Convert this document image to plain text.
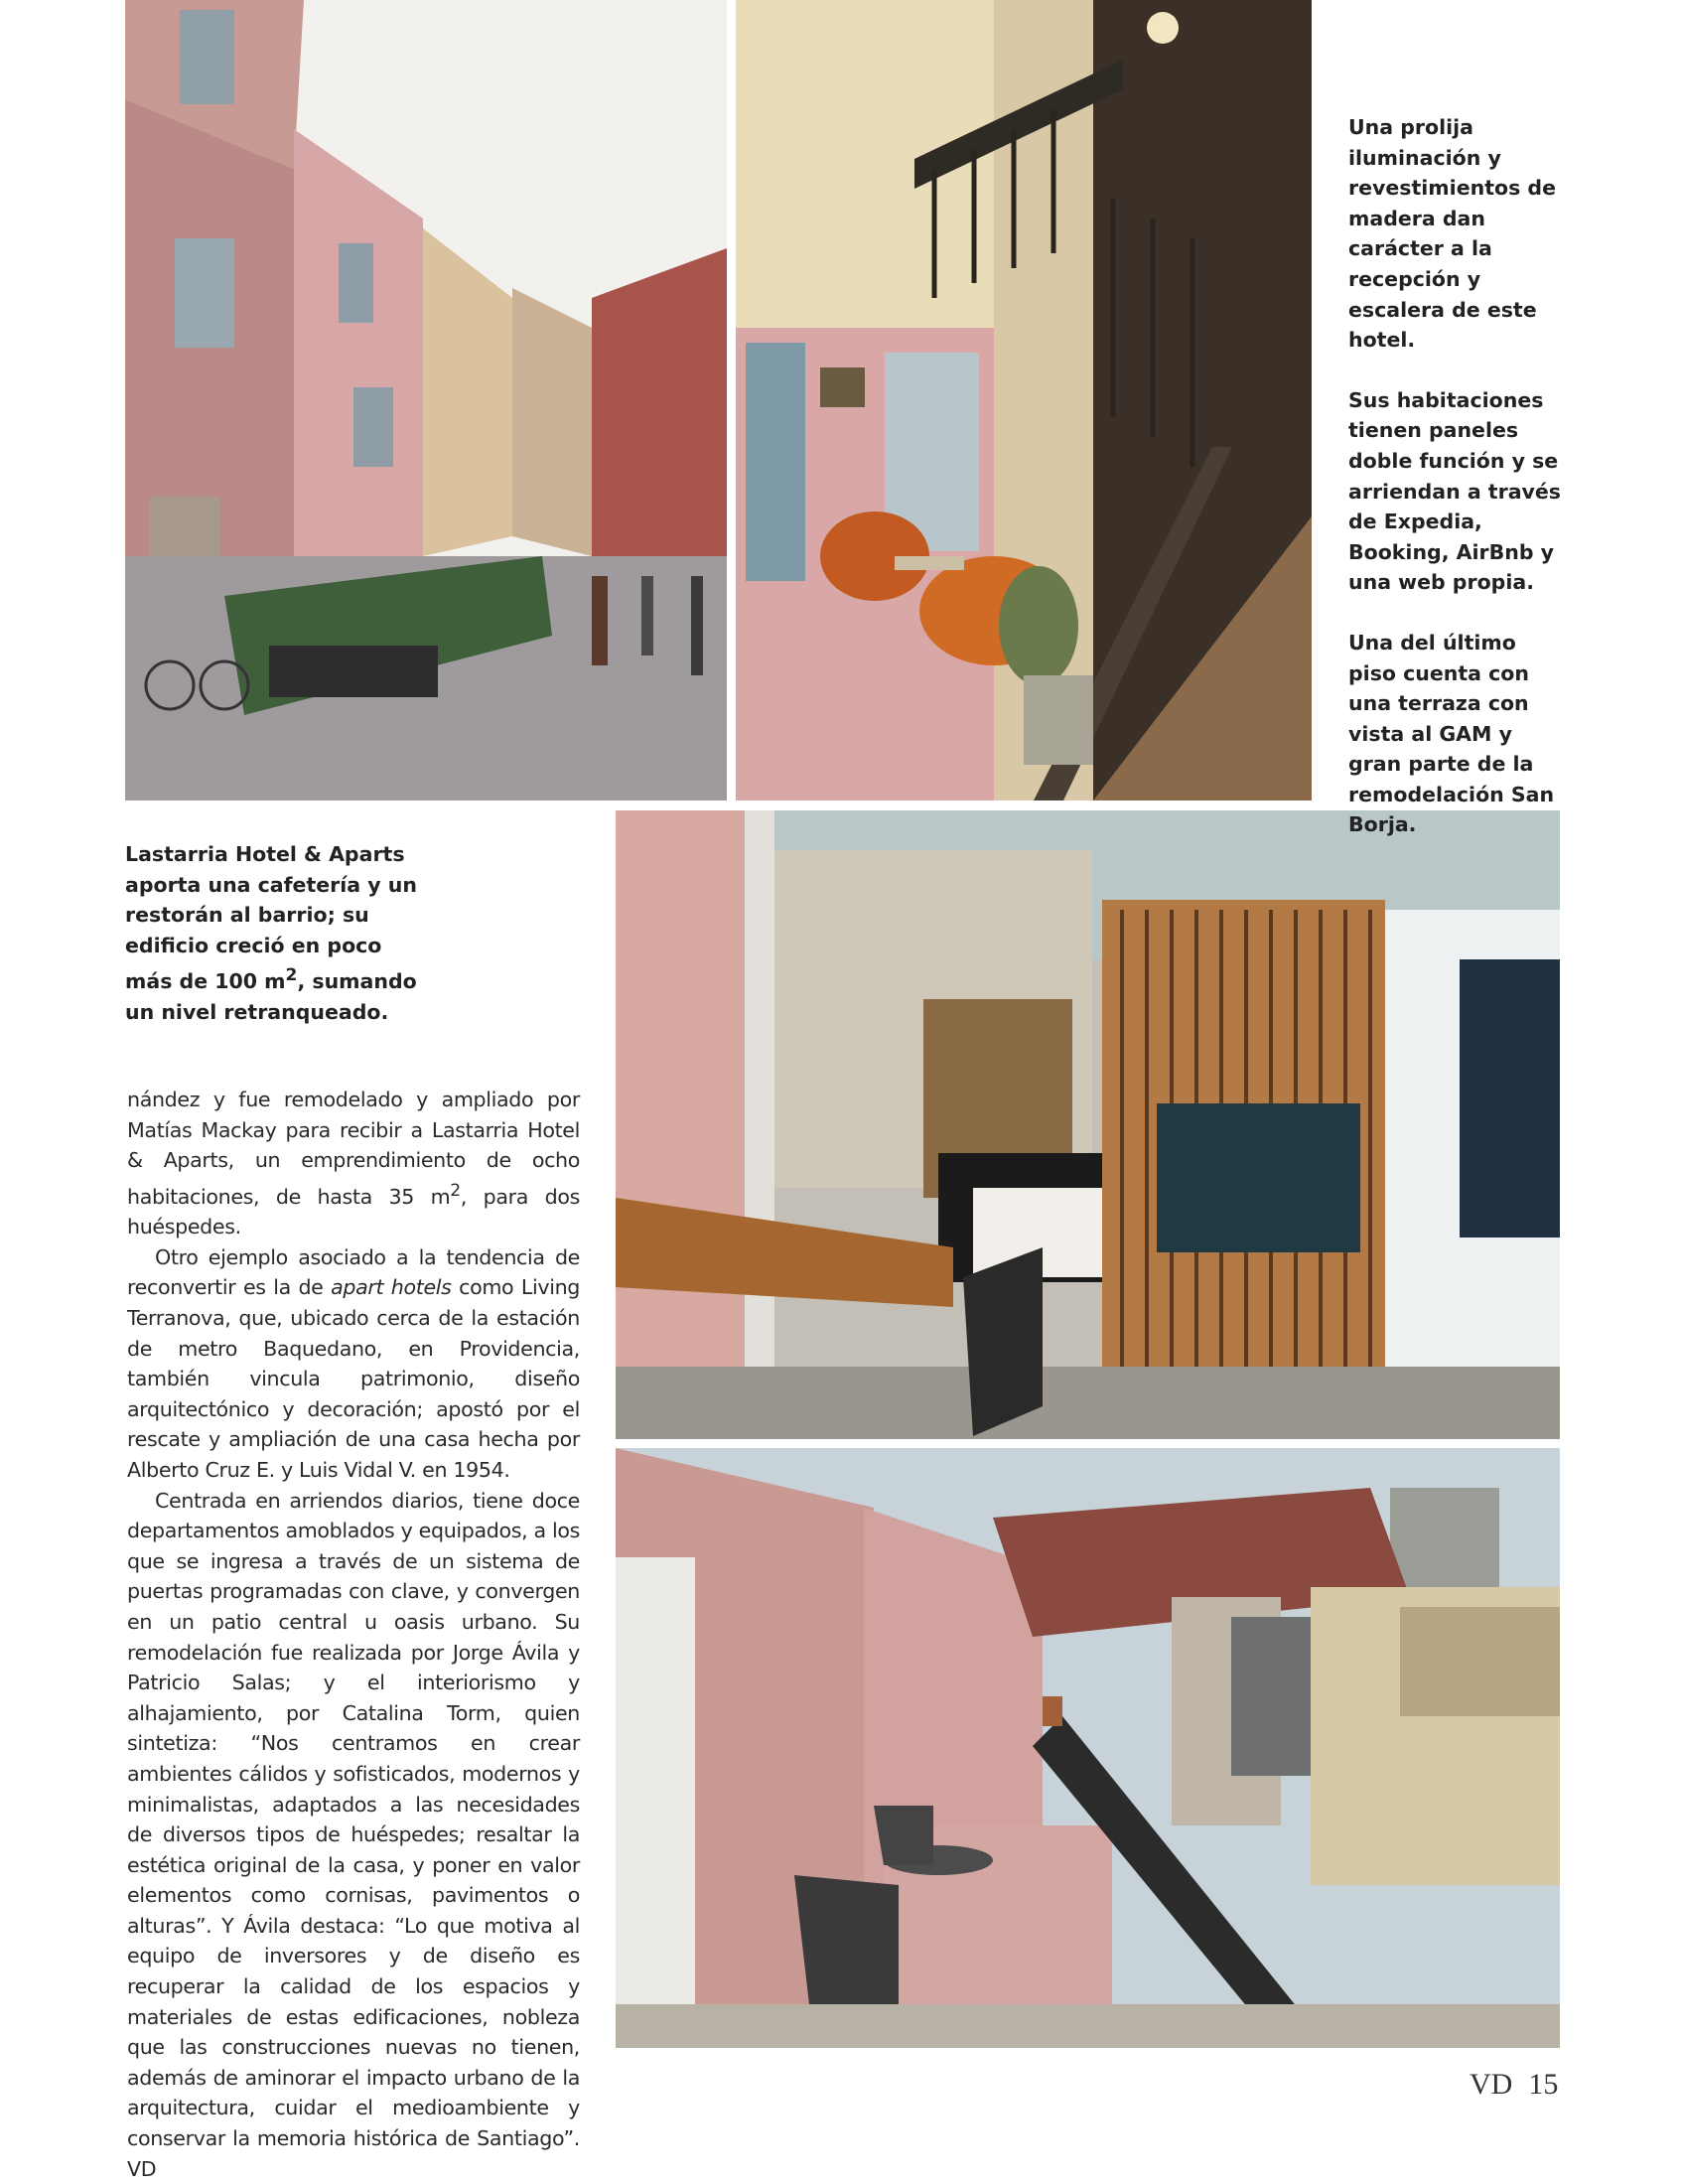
Una prolija iluminación y revestimientos de madera dan carácter a la recepción y escalera de este hotel.

Sus habitaciones tienen paneles doble función y se arriendan a través de Expedia, Booking, AirBnb y una web propia.

Una del último piso cuenta con una terraza con vista al GAM y gran parte de la remodelación San Borja.

Lastarria Hotel & Aparts aporta una cafetería y un restorán al barrio; su edificio creció en poco más de 100 $m^2$, sumando un nivel retranqueado.

nández y fue remodelado y ampliado por Matías Mackay para recibir a Lastarria Hotel & Aparts, un emprendimiento de ocho habitaciones, de hasta 35 $m^2$, para dos huéspedes.

Otro ejemplo asociado a la tendencia de reconvertir es la de apart hotels como Living Terranova, que, ubicado cerca de la estación de metro Baquedano, en Providencia, también vincula patrimonio, diseño arquitectónico y decoración; apostó por el rescate y ampliación de una casa hecha por Alberto Cruz E. y Luis Vidal V. en 1954.

Centrada en arriendos diarios, tiene doce departamentos amoblados y equipados, a los que se ingresa a través de un sistema de puertas programadas con clave, y convergen en un patio central u oasis urbano. Su remodelación fue realizada por Jorge Ávila y Patricio Salas; y el interiorismo y alhajamiento, por Catalina Torm, quien sintetiza: “Nos centramos en crear ambientes cálidos y sofisticados, modernos y minimalistas, adaptados a las necesidades de diversos tipos de huéspedes; resaltar la estética original de la casa, y poner en valor elementos como cornisas, pavimentos o alturas”. Y Ávila destaca: “Lo que motiva al equipo de inversores y de diseño es recuperar la calidad de los espacios y materiales de estas edificaciones, nobleza que las construcciones nuevas no tienen, además de aminorar el impacto urbano de la arquitectura, cuidar el medioambiente y conservar la memoria histórica de Santiago”. VD

VD 15
